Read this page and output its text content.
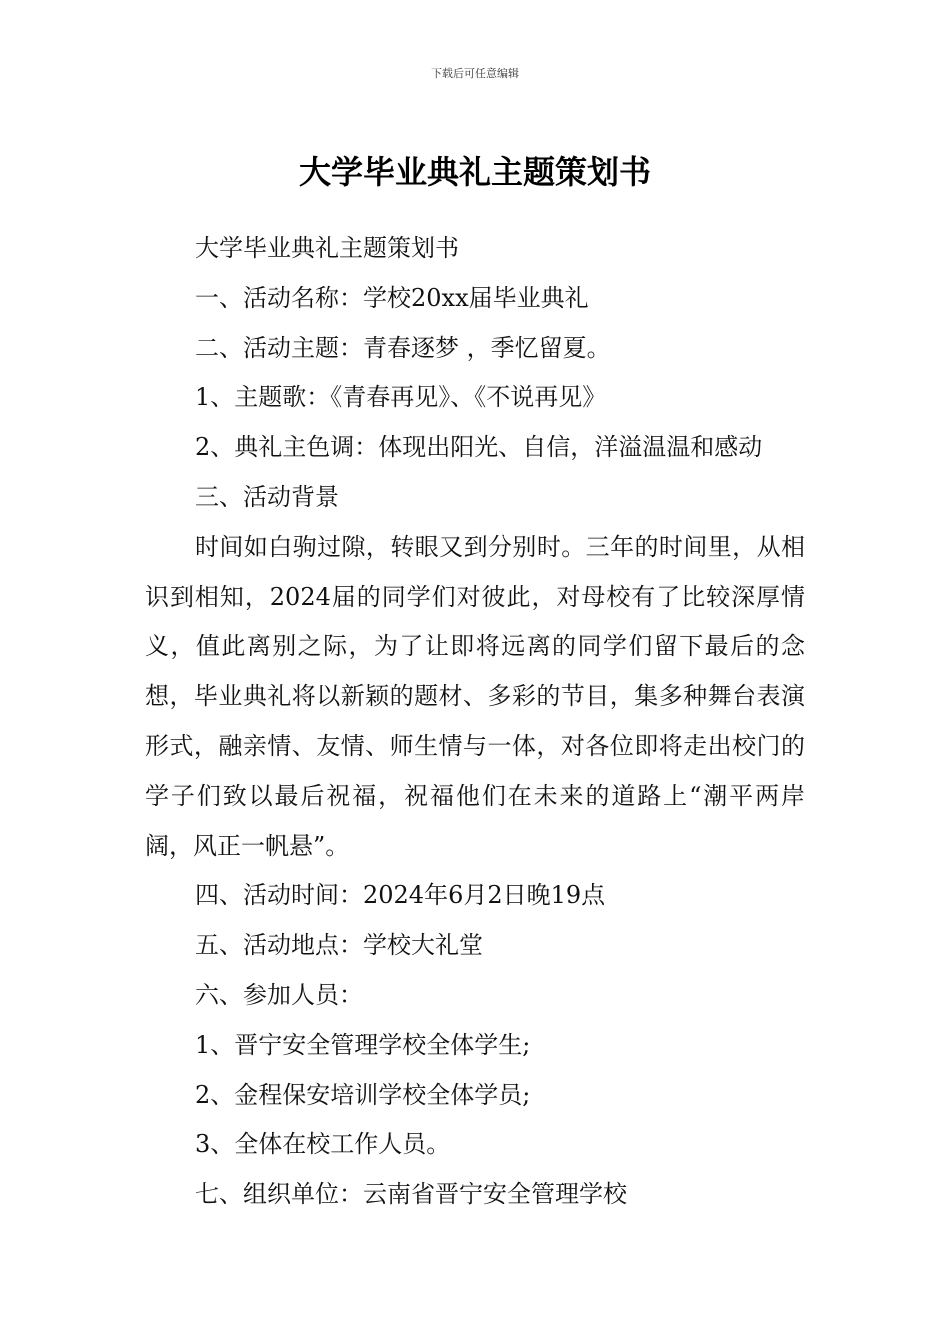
下载后可任意编辑
大学毕业典礼主题策划书

大学毕业典礼主题策划书

一、活动名称：学校20xx届毕业典礼

二、活动主题：青春逐梦 ，季忆留夏。

1、主题歌：《青春再见》、《不说再见》

2、典礼主色调：体现出阳光、自信，洋溢温温和感动

三、活动背景

时间如白驹过隙，转眼又到分别时。三年的时间里，从相识到相知，2024届的同学们对彼此，对母校有了比较深厚情义，值此离别之际，为了让即将远离的同学们留下最后的念想，毕业典礼将以新颖的题材、多彩的节目，集多种舞台表演形式，融亲情、友情、师生情与一体，对各位即将走出校门的学子们致以最后祝福，祝福他们在未来的道路上“潮平两岸阔，风正一帆悬”。

四、活动时间：2024年6月2日晚19点

五、活动地点：学校大礼堂

六、参加人员：

1、晋宁安全管理学校全体学生;

2、金程保安培训学校全体学员;

3、全体在校工作人员。

七、组织单位：云南省晋宁安全管理学校
